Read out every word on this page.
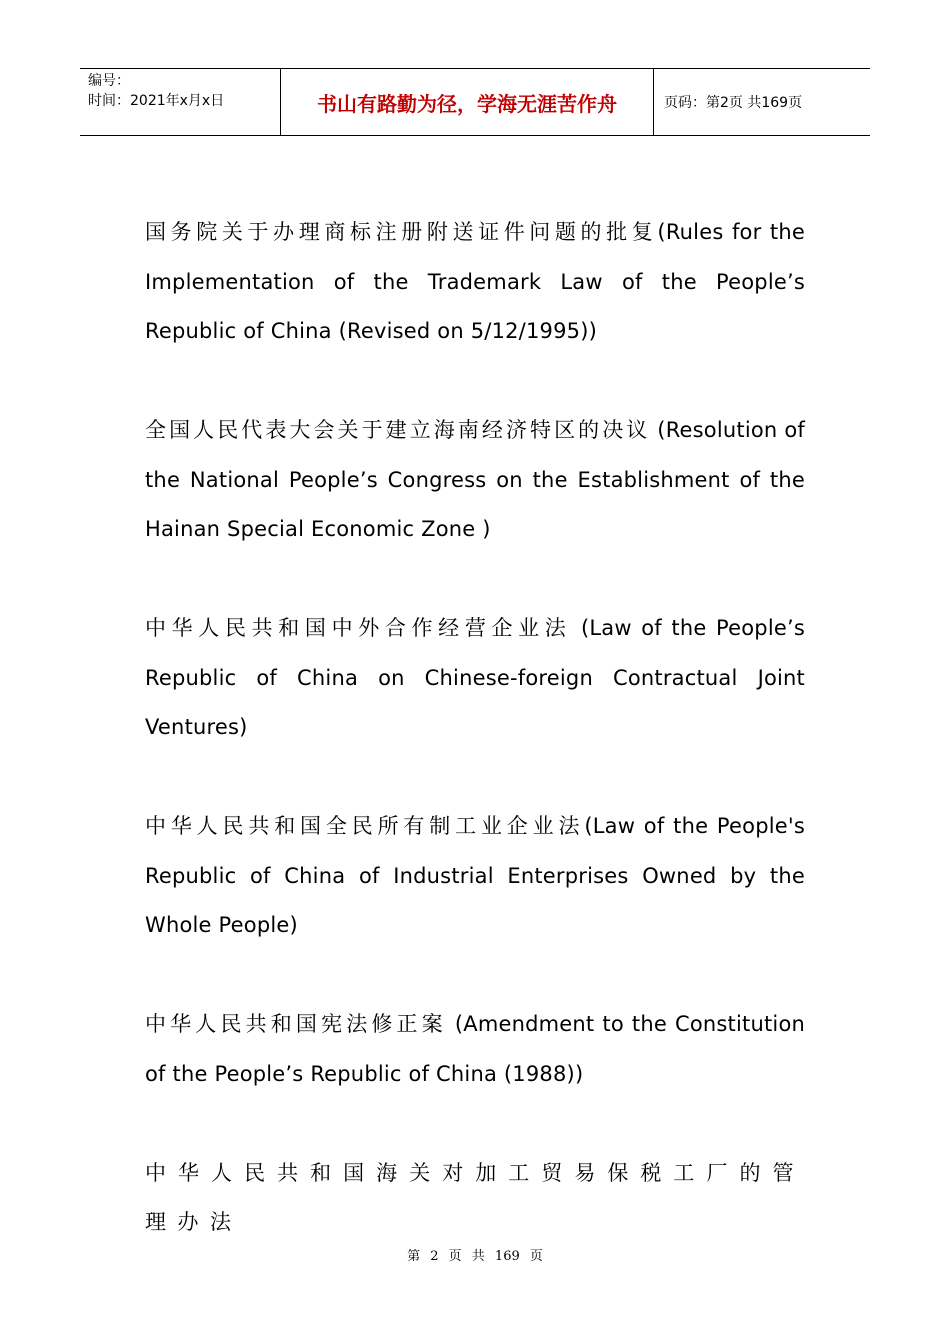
编号：
时间：2021年x月x日	书山有路勤为径，学海无涯苦作舟	页码：第2页 共169页

国务院关于办理商标注册附送证件问题的批复(Rules for the Implementation of the Trademark Law of the People’s Republic of China (Revised on 5/12/1995))

全国人民代表大会关于建立海南经济特区的决议 (Resolution of the National People’s Congress on the Establishment of the Hainan Special Economic Zone )

中华人民共和国中外合作经营企业法 (Law of the People’s Republic of China on Chinese-foreign Contractual Joint Ventures)

中华人民共和国全民所有制工业企业法(Law of the People's Republic of China of Industrial Enterprises Owned by the Whole People)

中华人民共和国宪法修正案 (Amendment to the Constitution of the People’s Republic of China (1988))

中华人民共和国海关对加工贸易保税工厂的管理办法

第 2 页 共 169 页
